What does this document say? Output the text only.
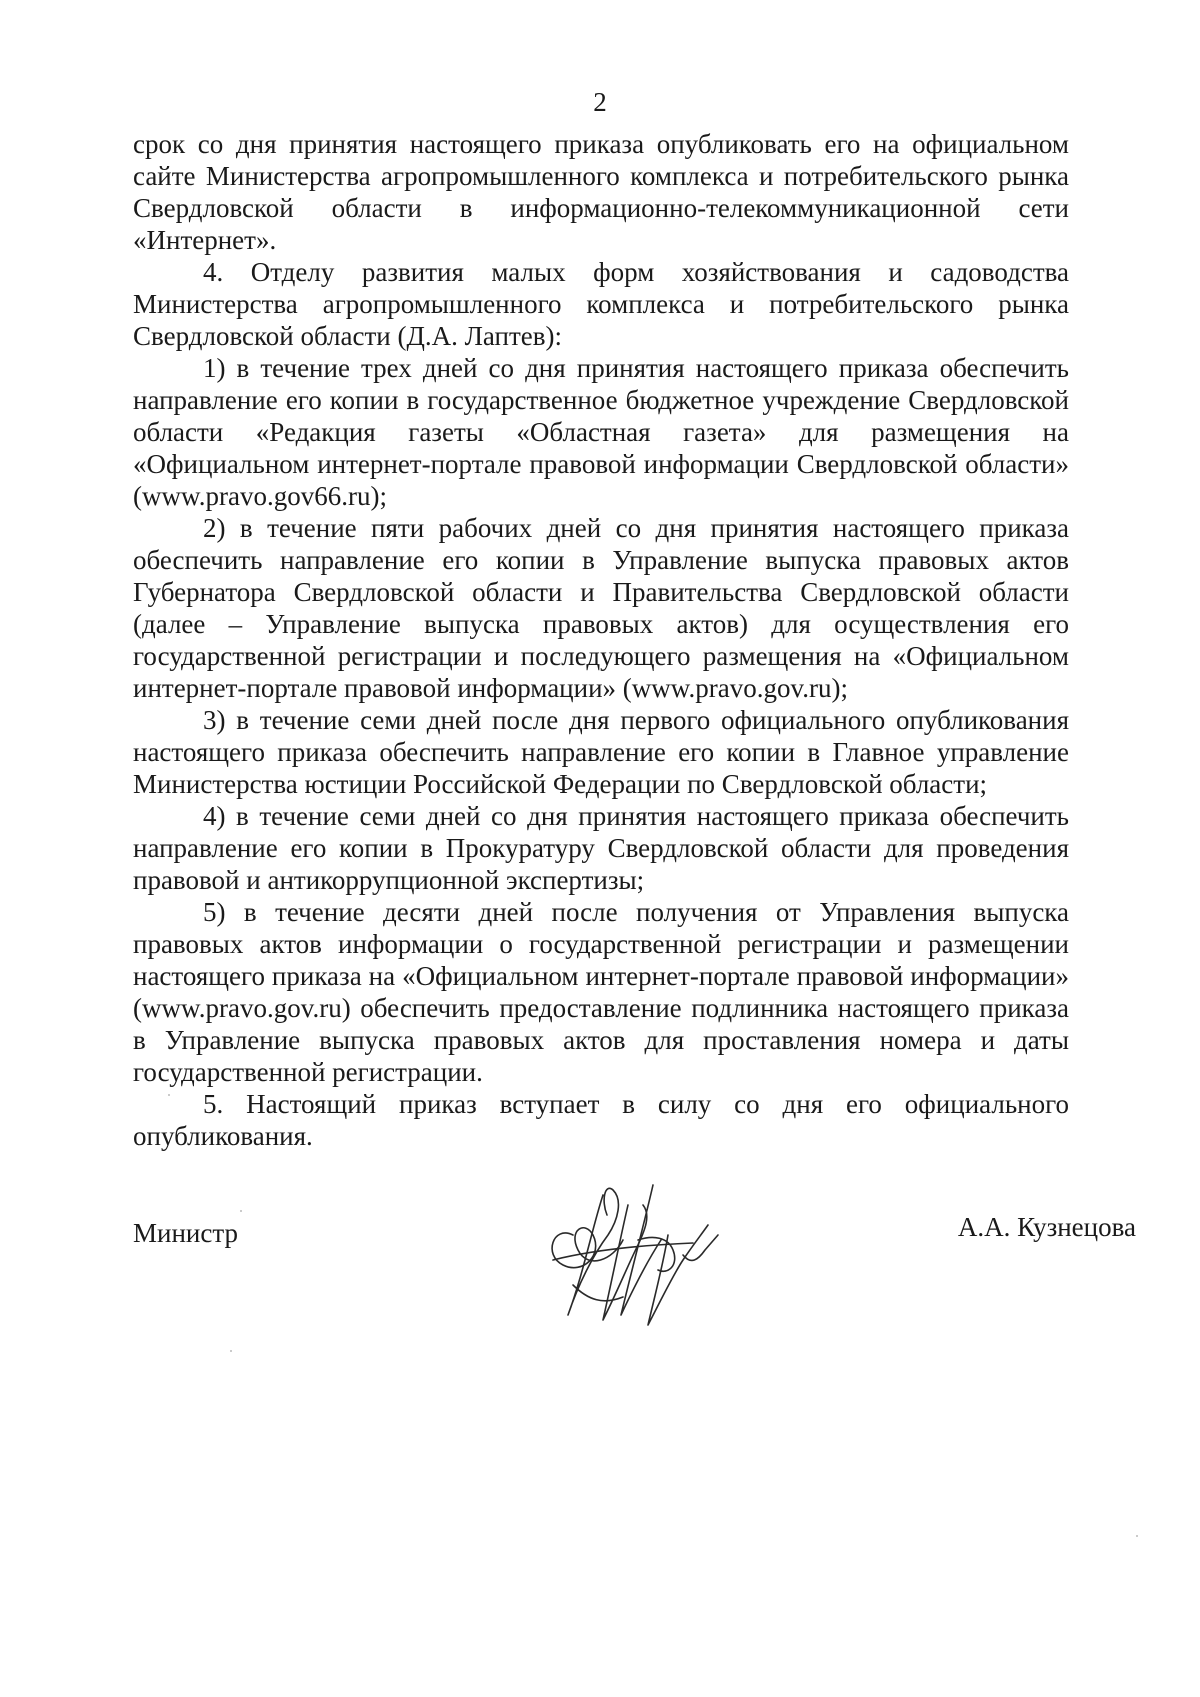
2

срок со дня принятия настоящего приказа опубликовать его на официальном сайте Министерства агропромышленного комплекса и потребительского рынка Свердловской области в информационно-телекоммуникационной сети «Интернет».

4. Отделу развития малых форм хозяйствования и садоводства Министерства агропромышленного комплекса и потребительского рынка Свердловской области (Д.А. Лаптев):

1) в течение трех дней со дня принятия настоящего приказа обеспечить направление его копии в государственное бюджетное учреждение Свердловской области «Редакция газеты «Областная газета» для размещения на «Официальном интернет-портале правовой информации Свердловской области» (www.pravo.gov66.ru);

2) в течение пяти рабочих дней со дня принятия настоящего приказа обеспечить направление его копии в Управление выпуска правовых актов Губернатора Свердловской области и Правительства Свердловской области (далее – Управление выпуска правовых актов) для осуществления его государственной регистрации и последующего размещения на «Официальном интернет-портале правовой информации» (www.pravo.gov.ru);

3) в течение семи дней после дня первого официального опубликования настоящего приказа обеспечить направление его копии в Главное управление Министерства юстиции Российской Федерации по Свердловской области;

4) в течение семи дней со дня принятия настоящего приказа обеспечить направление его копии в Прокуратуру Свердловской области для проведения правовой и антикоррупционной экспертизы;

5) в течение десяти дней после получения от Управления выпуска правовых актов информации о государственной регистрации и размещении настоящего приказа на «Официальном интернет-портале правовой информации» (www.pravo.gov.ru) обеспечить предоставление подлинника настоящего приказа в Управление выпуска правовых актов для проставления номера и даты государственной регистрации.

5. Настоящий приказ вступает в силу со дня его официального опубликования.

Министр	А.А. Кузнецова
